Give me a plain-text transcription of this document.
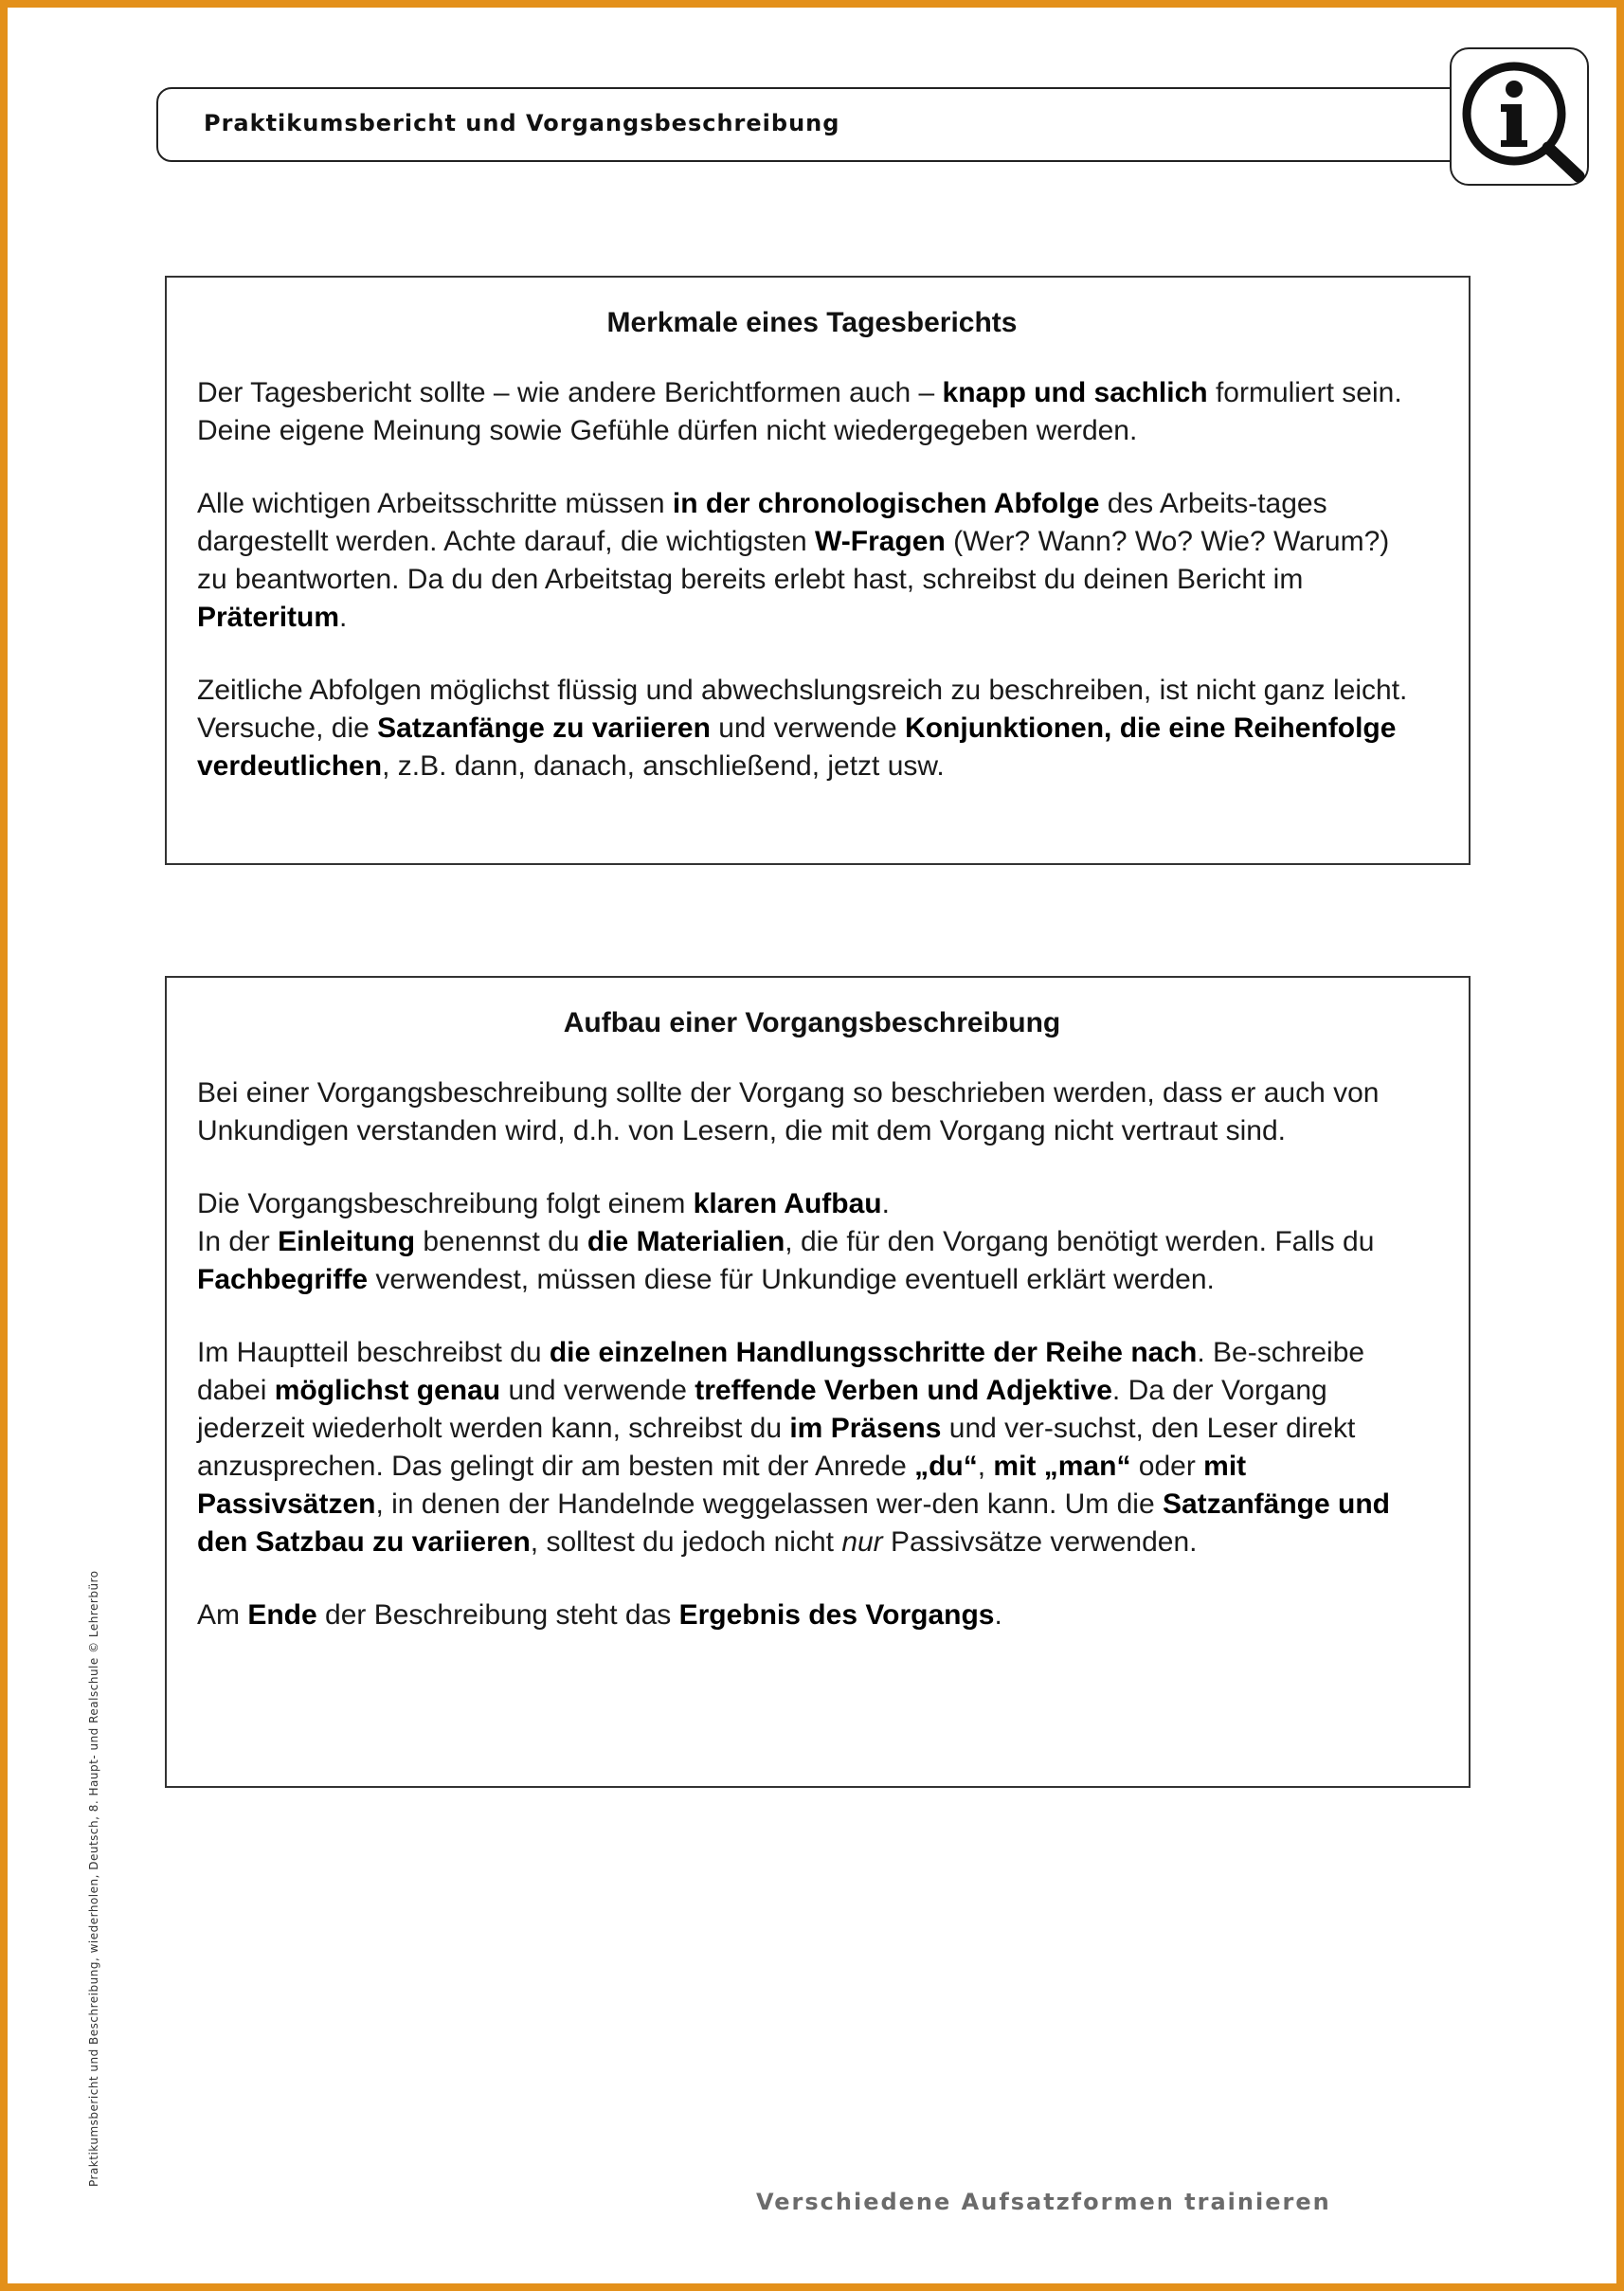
Praktikumsbericht und Vorgangsbeschreibung
Merkmale eines Tagesberichts
Der Tagesbericht sollte – wie andere Berichtformen auch – knapp und sachlich formuliert sein. Deine eigene Meinung sowie Gefühle dürfen nicht wiedergegeben werden.
Alle wichtigen Arbeitsschritte müssen in der chronologischen Abfolge des Arbeits-tages dargestellt werden. Achte darauf, die wichtigsten W-Fragen (Wer? Wann? Wo? Wie? Warum?) zu beantworten. Da du den Arbeitstag bereits erlebt hast, schreibst du deinen Bericht im Präteritum.
Zeitliche Abfolgen möglichst flüssig und abwechslungsreich zu beschreiben, ist nicht ganz leicht. Versuche, die Satzanfänge zu variieren und verwende Konjunktionen, die eine Reihenfolge verdeutlichen, z.B. dann, danach, anschließend, jetzt usw.
Aufbau einer Vorgangsbeschreibung
Bei einer Vorgangsbeschreibung sollte der Vorgang so beschrieben werden, dass er auch von Unkundigen verstanden wird, d.h. von Lesern, die mit dem Vorgang nicht vertraut sind.
Die Vorgangsbeschreibung folgt einem klaren Aufbau.
In der Einleitung benennst du die Materialien, die für den Vorgang benötigt werden. Falls du Fachbegriffe verwendest, müssen diese für Unkundige eventuell erklärt werden.
Im Hauptteil beschreibst du die einzelnen Handlungsschritte der Reihe nach. Be-schreibe dabei möglichst genau und verwende treffende Verben und Adjektive. Da der Vorgang jederzeit wiederholt werden kann, schreibst du im Präsens und ver-suchst, den Leser direkt anzusprechen. Das gelingt dir am besten mit der Anrede „du“, mit „man“ oder mit Passivsätzen, in denen der Handelnde weggelassen wer-den kann. Um die Satzanfänge und den Satzbau zu variieren, solltest du jedoch nicht nur Passivsätze verwenden.
Am Ende der Beschreibung steht das Ergebnis des Vorgangs.
Praktikumsbericht und Beschreibung, wiederholen, Deutsch, 8. Haupt- und Realschule © Lehrerbüro
Verschiedene Aufsatzformen trainieren
